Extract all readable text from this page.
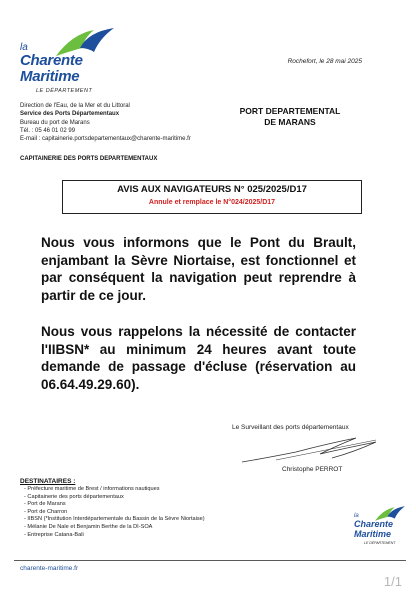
la
Charente
Maritime
LE DÉPARTEMENT
Rochefort, le 28 mai 2025
Direction de l'Eau, de la Mer et du Littoral
Service des Ports Départementaux
Bureau du port de Marans
Tél. : 05 46 01 02 99
E-mail : capitainerie.portsdepartementaux@charente-maritime.fr
PORT DEPARTEMENTAL
DE MARANS
CAPITAINERIE DES PORTS DEPARTEMENTAUX
AVIS AUX NAVIGATEURS N° 025/2025/D17
Annule et remplace le N°024/2025/D17
Nous vous informons que le Pont du Brault, enjambant la Sèvre Niortaise, est fonctionnel et par conséquent la navigation peut reprendre à partir de ce jour.
Nous vous rappelons la nécessité de contacter l'IIBSN* au minimum 24 heures avant toute demande de passage d'écluse (réservation au 06.64.49.29.60).
Le Surveillant des ports départementaux
Christophe PERROT
DESTINATAIRES :
- Préfecture maritime de Brest / informations nautiques
- Capitainerie des ports départementaux
- Port de Marans
- Port de Charron
- IIBSN (*Institution Interdépartementale du Bassin de la Sèvre Niortaise)
- Mélanie De Nale et Benjamin Berthe de la DI-SOA
- Entreprise Catana-Bali
la
Charente
Maritime
LE DÉPARTEMENT
charente-maritime.fr
1/1
